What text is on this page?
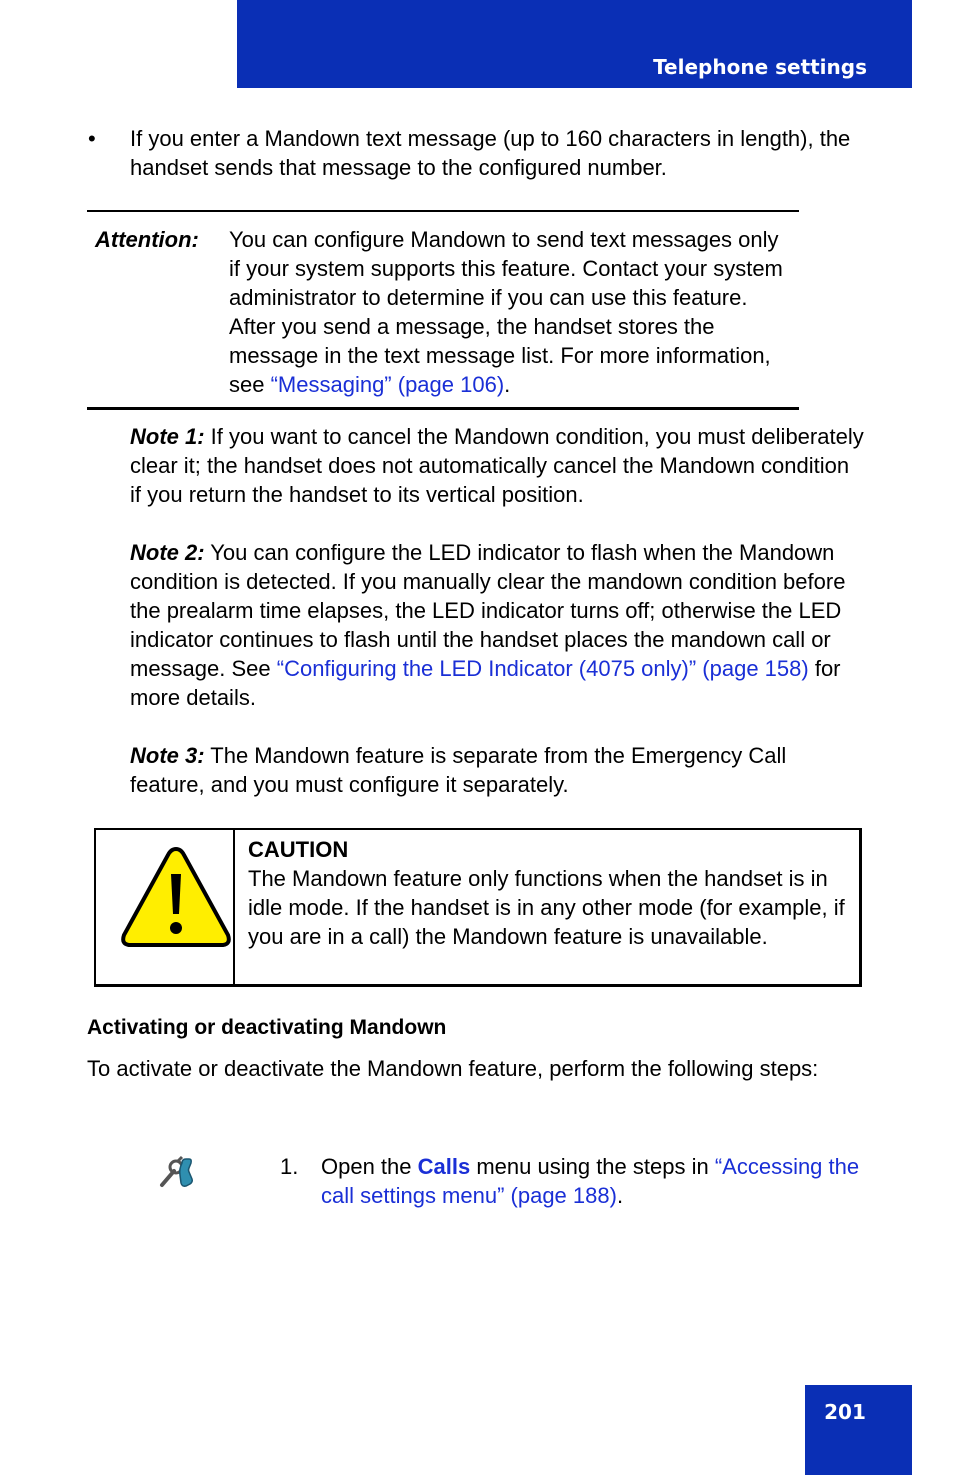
Telephone settings
• If you enter a Mandown text message (up to 160 characters in length), the handset sends that message to the configured number.
Attention: You can configure Mandown to send text messages only if your system supports this feature. Contact your system administrator to determine if you can use this feature. After you send a message, the handset stores the message in the text message list. For more information, see “Messaging” (page 106).

Note 1: If you want to cancel the Mandown condition, you must deliberately clear it; the handset does not automatically cancel the Mandown condition if you return the handset to its vertical position.

Note 2: You can configure the LED indicator to flash when the Mandown condition is detected. If you manually clear the mandown condition before the prealarm time elapses, the LED indicator turns off; otherwise the LED indicator continues to flash until the handset places the mandown call or message. See “Configuring the LED Indicator (4075 only)” (page 158) for more details.

Note 3: The Mandown feature is separate from the Emergency Call feature, and you must configure it separately.

CAUTION
The Mandown feature only functions when the handset is in idle mode. If the handset is in any other mode (for example, if you are in a call) the Mandown feature is unavailable.
Activating or deactivating Mandown
To activate or deactivate the Mandown feature, perform the following steps:
1. Open the Calls menu using the steps in “Accessing the call settings menu” (page 188).
201
